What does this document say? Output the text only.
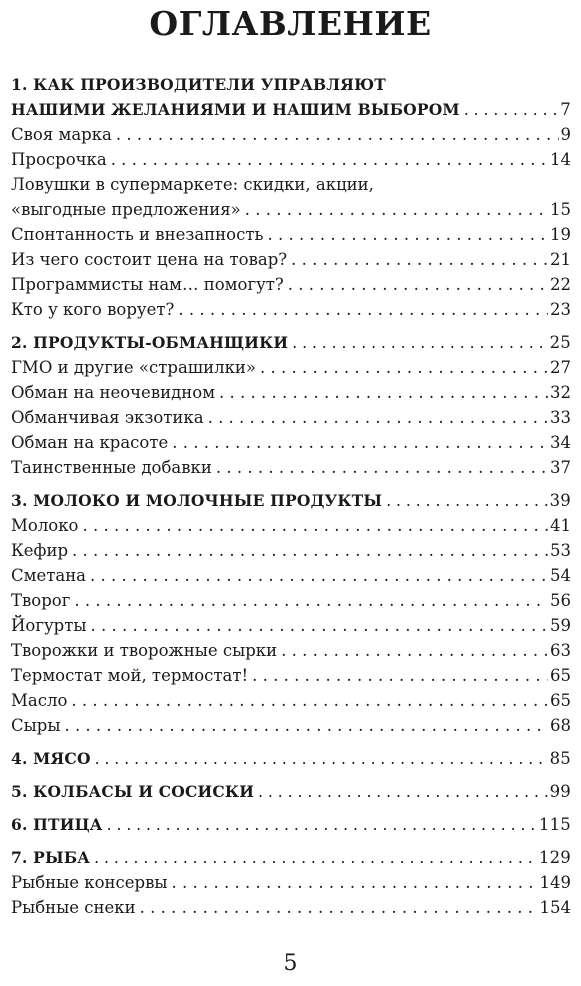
ОГЛАВЛЕНИЕ
1. КАК ПРОИЗВОДИТЕЛИ УПРАВЛЯЮТ
НАШИМИ ЖЕЛАНИЯМИ И НАШИМ ВЫБОРОМ . . .	7
Своя марка . . .	9
Просрочка . . .	14
Ловушки в супермаркете: скидки, акции,
«выгодные предложения» . . .	15
Спонтанность и внезапность . . .	19
Из чего состоит цена на товар? . . .	21
Программисты нам… помогут? . . .	22
Кто у кого ворует? . . .	23
2. ПРОДУКТЫ-ОБМАНЩИКИ . . .	25
ГМО и другие «страшилки» . . .	27
Обман на неочевидном . . .	32
Обманчивая экзотика . . .	33
Обман на красоте . . .	34
Таинственные добавки . . .	37
3. МОЛОКО И МОЛОЧНЫЕ ПРОДУКТЫ . . .	39
Молоко . . .	41
Кефир . . .	53
Сметана . . .	54
Творог . . .	56
Йогурты . . .	59
Творожки и творожные сырки . . .	63
Термостат мой, термостат! . . .	65
Масло . . .	65
Сыры . . .	68
4. МЯСО . . .	85
5. КОЛБАСЫ И СОСИСКИ . . .	99
6. ПТИЦА . . .	115
7. РЫБА . . .	129
Рыбные консервы . . .	149
Рыбные снеки . . .	154
5
